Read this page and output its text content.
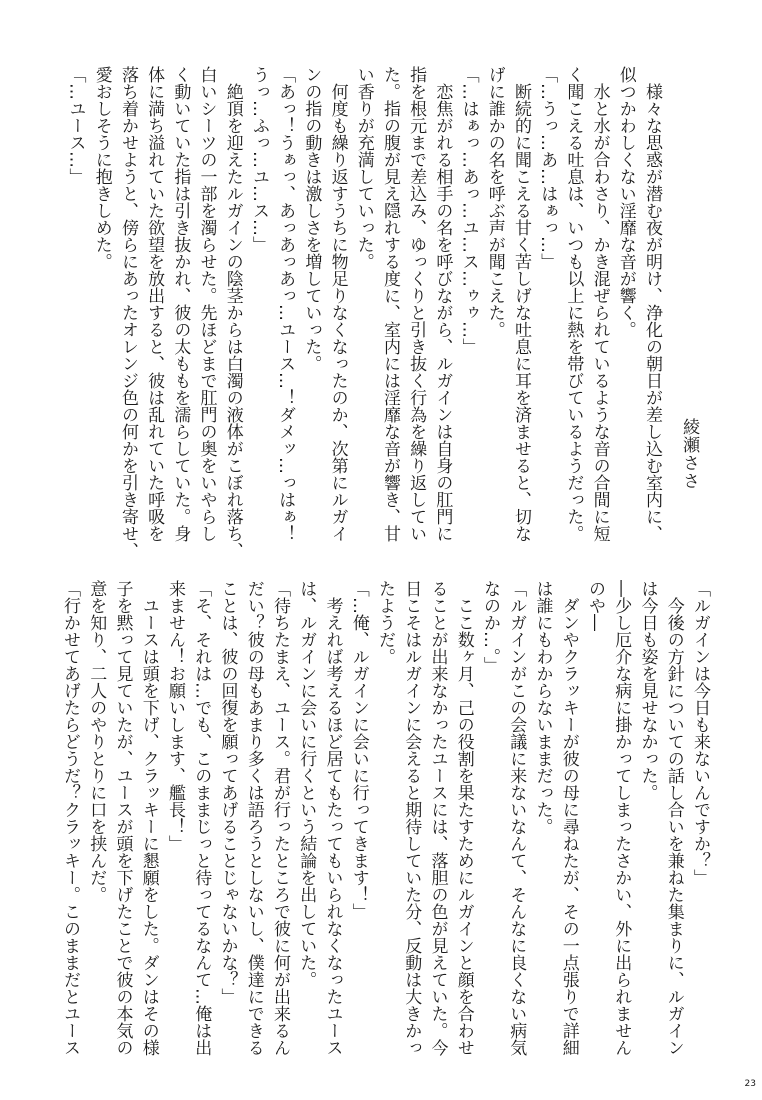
綾瀬ささ
　様々な思惑が潜む夜が明け、浄化の朝日が差し込む室内に、
似つかわしくない淫靡な音が響く。
　水と水が合わさり、かき混ぜられているような音の合間に短
く聞こえる吐息は、いつも以上に熱を帯びているようだった。
「…うっ…あ…はぁっ…」
　断続的に聞こえる甘く苦しげな吐息に耳を済ませると、切な
げに誰かの名を呼ぶ声が聞こえた。
「…はぁっ…あっ…ユ…ス…ゥゥ…」
　恋焦がれる相手の名を呼びながら、ルガインは自身の肛門に
指を根元まで差込み、ゆっくりと引き抜く行為を繰り返してい
た。指の腹が見え隠れする度に、室内には淫靡な音が響き、甘
い香りが充満していった。
　何度も繰り返すうちに物足りなくなったのか、次第にルガイ
ンの指の動きは激しさを増していった。
「あっ！うぁっ、あっあっあっ…ユース…！ダメッ…っはぁ！
うっ…ふっ…ユ…ス…」
　絶頂を迎えたルガインの陰茎からは白濁の液体がこぼれ落ち、
白いシーツの一部を濁らせた。先ほどまで肛門の奥をいやらし
く動いていた指は引き抜かれ、彼の太ももを濡らしていた。身
体に満ち溢れていた欲望を放出すると、彼は乱れていた呼吸を
落ち着かせようと、傍らにあったオレンジ色の何かを引き寄せ、
愛おしそうに抱きしめた。
「…ユース…」
「ルガインは今日も来ないんですか？」
　今後の方針についての話し合いを兼ねた集まりに、ルガイン
は今日も姿を見せなかった。
―少し厄介な病に掛かってしまったさかい、外に出られません
のや―
　ダンやクラッキーが彼の母に尋ねたが、その一点張りで詳細
は誰にもわからないままだった。
「ルガインがこの会議に来ないなんて、そんなに良くない病気
なのか…。」
　ここ数ヶ月、己の役割を果たすためにルガインと顔を合わせ
ることが出来なかったユースには、落胆の色が見えていた。今
日こそはルガインに会えると期待していた分、反動は大きかっ
たようだ。
「…俺、ルガインに会いに行ってきます！」
　考えれば考えるほど居てもたってもいられなくなったユース
は、ルガインに会いに行くという結論を出していた。
「待ちたまえ、ユース。君が行ったところで彼に何が出来るん
だい？彼の母もあまり多くは語ろうとしないし、僕達にできる
ことは、彼の回復を願ってあげることじゃないかな？」
「そ、それは…でも、このままじっと待ってるなんて…俺は出
来ません！お願いします、艦長！」
　ユースは頭を下げ、クラッキーに懇願をした。ダンはその様
子を黙って見ていたが、ユースが頭を下げたことで彼の本気の
意を知り、二人のやりとりに口を挟んだ。
「行かせてあげたらどうだ？クラッキー。このままだとユース
23
